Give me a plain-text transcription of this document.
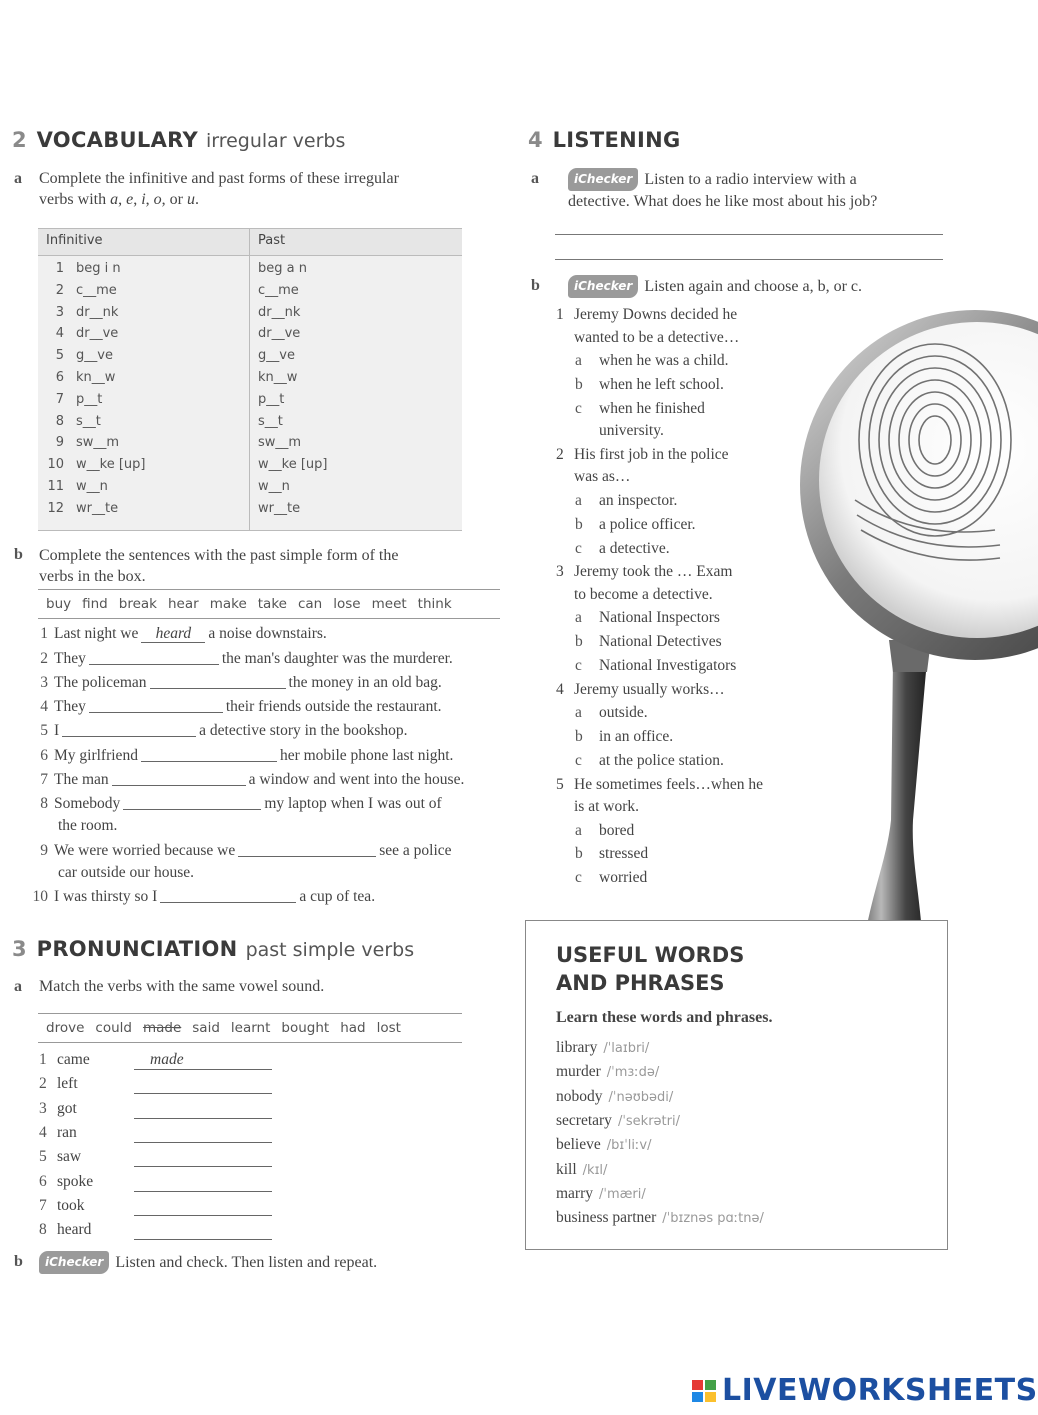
2 VOCABULARY irregular verbs
a Complete the infinitive and past forms of these irregular
verbs with a, e, i, o, or u.
Infinitive	Past
1 beg i n	beg a n
2 c__me	c__me
3 dr__nk	dr__nk
4 dr__ve	dr__ve
5 g__ve	g__ve
6 kn__w	kn__w
7 p__t	p__t
8 s__t	s__t
9 sw__m	sw__m
10 w__ke [up]	w__ke [up]
11 w__n	w__n
12 wr__te	wr__te
b Complete the sentences with the past simple form of the
verbs in the box.
buy find break hear make take can lose meet think
1 Last night we heard a noise downstairs.
2 They	the man's daughter was the murderer.
3 The policeman	the money in an old bag.
4 They	their friends outside the restaurant.
5 I	a detective story in the bookshop.
6 My girlfriend	her mobile phone last night.
7 The man	a window and went into the house.
8 Somebody	my laptop when I was out of
the room.
9 We were worried because we	see a police
car outside our house.
10 I was thirsty so I	a cup of tea.
3 PRONUNCIATION past simple verbs
a Match the verbs with the same vowel sound.
drove could made said learnt bought had lost
1 came	made
2 left
3 got
4 ran
5 saw
6 spoke
7 took
8 heard
b	iChecker Listen and check. Then listen and repeat.
4 LISTENING
a	iChecker Listen to a radio interview with a
detective. What does he like most about his job?
b	iChecker Listen again and choose a, b, or c.
1 Jeremy Downs decided he
wanted to be a detective…
a when he was a child.
b when he left school.
c when he finished
university.
2 His first job in the police
was as…
a an inspector.
b a police officer.
c a detective.
3 Jeremy took the … Exam
to become a detective.
a National Inspectors
b National Detectives
c National Investigators
4 Jeremy usually works…
a outside.
b in an office.
c at the police station.
5 He sometimes feels…when he
is at work.
a bored
b stressed
c worried
USEFUL WORDS
AND PHRASES
Learn these words and phrases.
library /ˈlaɪbri/
murder /ˈmɜːdə/
nobody /ˈnəʊbədi/
secretary /ˈsekrətri/
believe /bɪˈliːv/
kill /kɪl/
marry /ˈmæri/
business partner /ˈbɪznəs pɑːtnə/
LIVEWORKSHEETS
